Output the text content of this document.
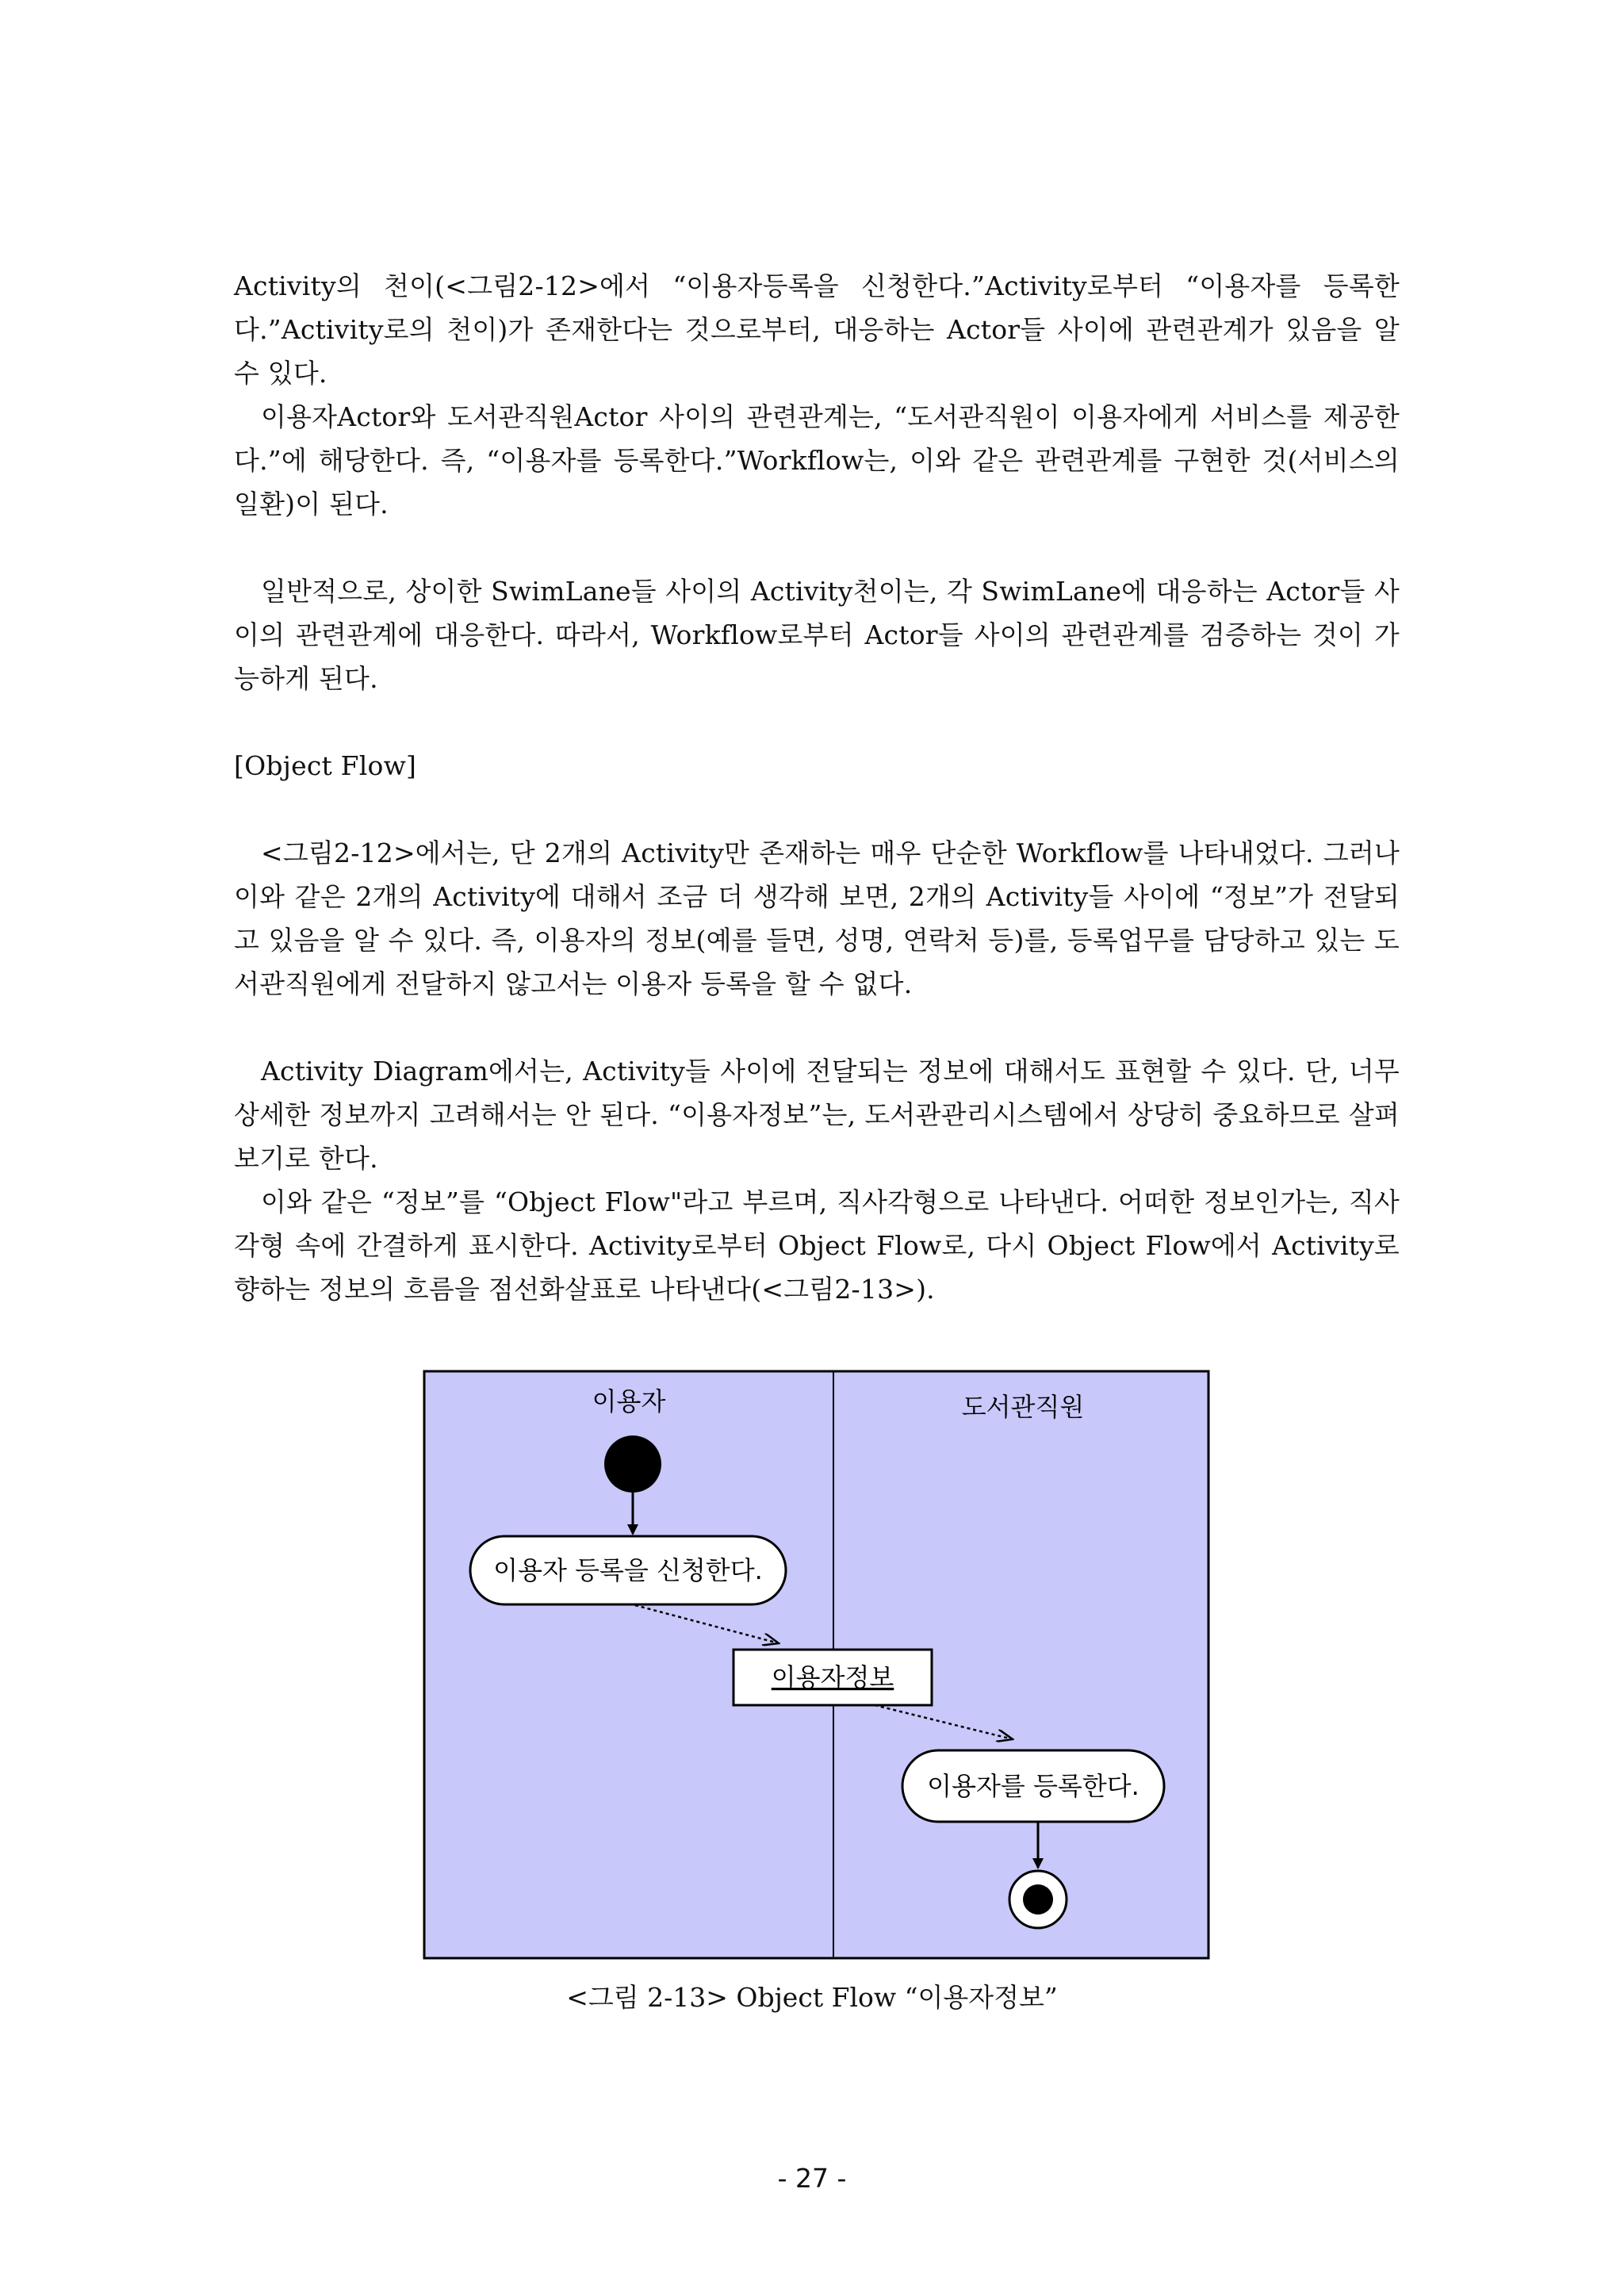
Activity의 천이(<그림2-12>에서 “이용자등록을 신청한다.”Activity로부터 “이용자를 등록한다.”Activity로의 천이)가 존재한다는 것으로부터, 대응하는 Actor들 사이에 관련관계가 있음을 알 수 있다.

이용자Actor와 도서관직원Actor 사이의 관련관계는, “도서관직원이 이용자에게 서비스를 제공한다.”에 해당한다. 즉, “이용자를 등록한다.”Workflow는, 이와 같은 관련관계를 구현한 것(서비스의 일환)이 된다.

일반적으로, 상이한 SwimLane들 사이의 Activity천이는, 각 SwimLane에 대응하는 Actor들 사이의 관련관계에 대응한다. 따라서, Workflow로부터 Actor들 사이의 관련관계를 검증하는 것이 가능하게 된다.

[Object Flow]

<그림2-12>에서는, 단 2개의 Activity만 존재하는 매우 단순한 Workflow를 나타내었다. 그러나 이와 같은 2개의 Activity에 대해서 조금 더 생각해 보면, 2개의 Activity들 사이에 “정보”가 전달되고 있음을 알 수 있다. 즉, 이용자의 정보(예를 들면, 성명, 연락처 등)를, 등록업무를 담당하고 있는 도서관직원에게 전달하지 않고서는 이용자 등록을 할 수 없다.

Activity Diagram에서는, Activity들 사이에 전달되는 정보에 대해서도 표현할 수 있다. 단, 너무 상세한 정보까지 고려해서는 안 된다. “이용자정보”는, 도서관관리시스템에서 상당히 중요하므로 살펴보기로 한다.

이와 같은 “정보”를 “Object Flow"라고 부르며, 직사각형으로 나타낸다. 어떠한 정보인가는, 직사각형 속에 간결하게 표시한다. Activity로부터 Object Flow로, 다시 Object Flow에서 Activity로 향하는 정보의 흐름을 점선화살표로 나타낸다(<그림2-13>).

이용자	도서관직원
이용자 등록을 신청한다.
이용자정보
이용자를 등록한다.
<그림 2-13> Object Flow “이용자정보”
- 27 -
